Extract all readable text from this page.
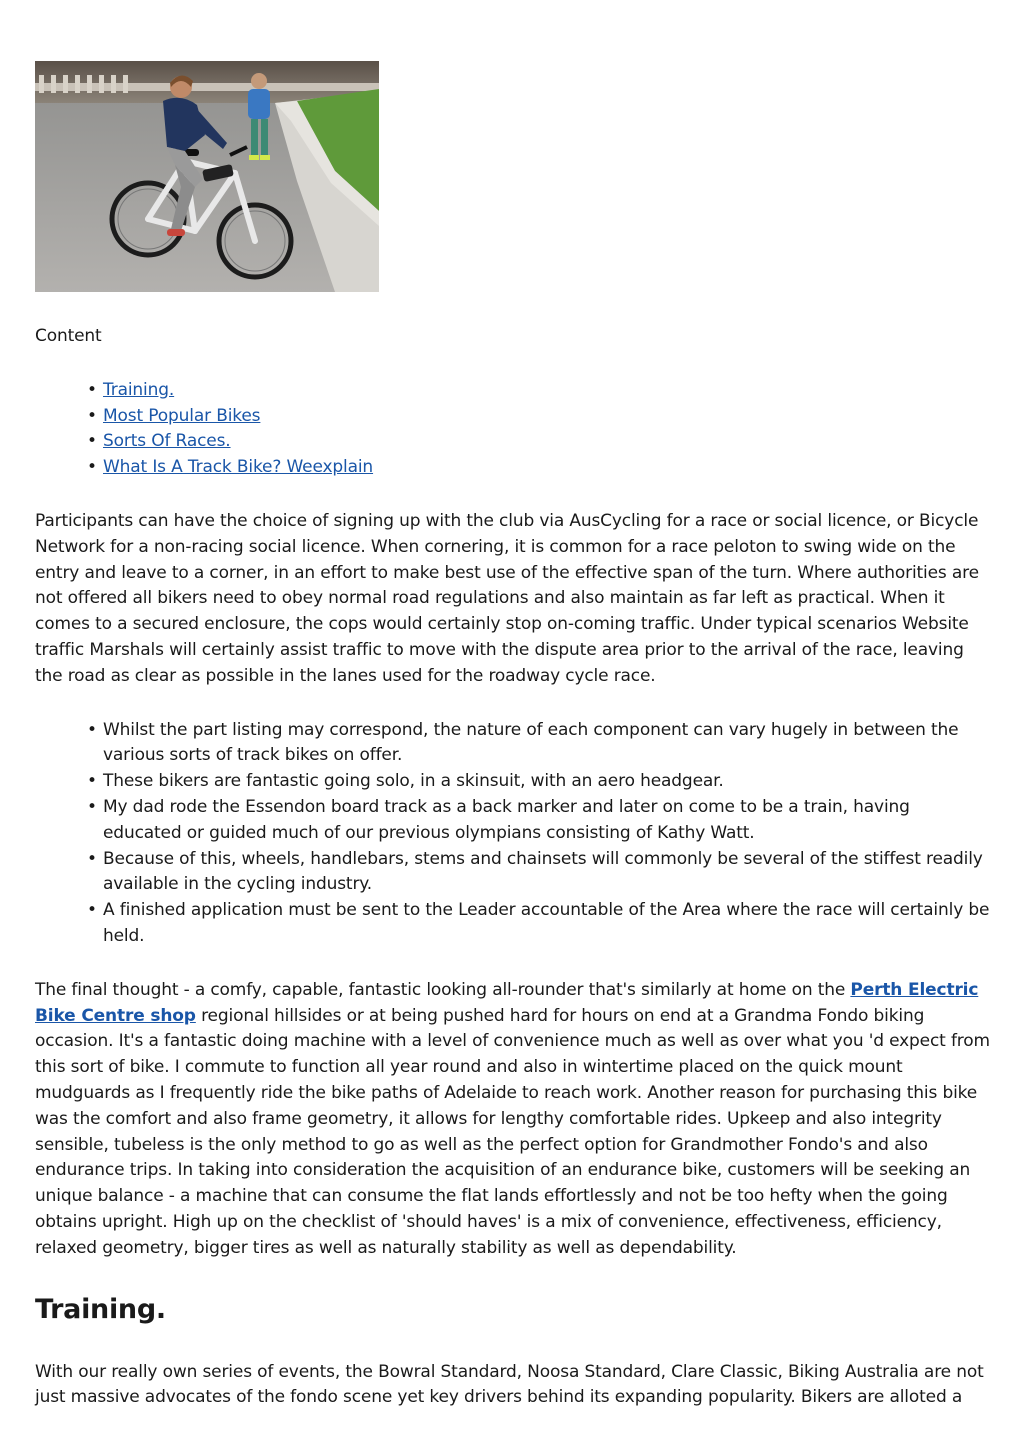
Content

• Training.
• Most Popular Bikes
• Sorts Of Races.
• What Is A Track Bike? Weexplain

Participants can have the choice of signing up with the club via AusCycling for a race or social licence, or Bicycle Network for a non-racing social licence. When cornering, it is common for a race peloton to swing wide on the entry and leave to a corner, in an effort to make best use of the effective span of the turn. Where authorities are not offered all bikers need to obey normal road regulations and also maintain as far left as practical. When it comes to a secured enclosure, the cops would certainly stop on-coming traffic. Under typical scenarios Website traffic Marshals will certainly assist traffic to move with the dispute area prior to the arrival of the race, leaving the road as clear as possible in the lanes used for the roadway cycle race.

• Whilst the part listing may correspond, the nature of each component can vary hugely in between the various sorts of track bikes on offer.
• These bikers are fantastic going solo, in a skinsuit, with an aero headgear.
• My dad rode the Essendon board track as a back marker and later on come to be a train, having educated or guided much of our previous olympians consisting of Kathy Watt.
• Because of this, wheels, handlebars, stems and chainsets will commonly be several of the stiffest readily available in the cycling industry.
• A finished application must be sent to the Leader accountable of the Area where the race will certainly be held.

The final thought - a comfy, capable, fantastic looking all-rounder that's similarly at home on the Perth Electric Bike Centre shop regional hillsides or at being pushed hard for hours on end at a Grandma Fondo biking occasion. It's a fantastic doing machine with a level of convenience much as well as over what you 'd expect from this sort of bike. I commute to function all year round and also in wintertime placed on the quick mount mudguards as I frequently ride the bike paths of Adelaide to reach work. Another reason for purchasing this bike was the comfort and also frame geometry, it allows for lengthy comfortable rides. Upkeep and also integrity sensible, tubeless is the only method to go as well as the perfect option for Grandmother Fondo's and also endurance trips. In taking into consideration the acquisition of an endurance bike, customers will be seeking an unique balance - a machine that can consume the flat lands effortlessly and not be too hefty when the going obtains upright. High up on the checklist of 'should haves' is a mix of convenience, effectiveness, efficiency, relaxed geometry, bigger tires as well as naturally stability as well as dependability.

Training.

With our really own series of events, the Bowral Standard, Noosa Standard, Clare Classic, Biking Australia are not just massive advocates of the fondo scene yet key drivers behind its expanding popularity. Bikers are alloted a
